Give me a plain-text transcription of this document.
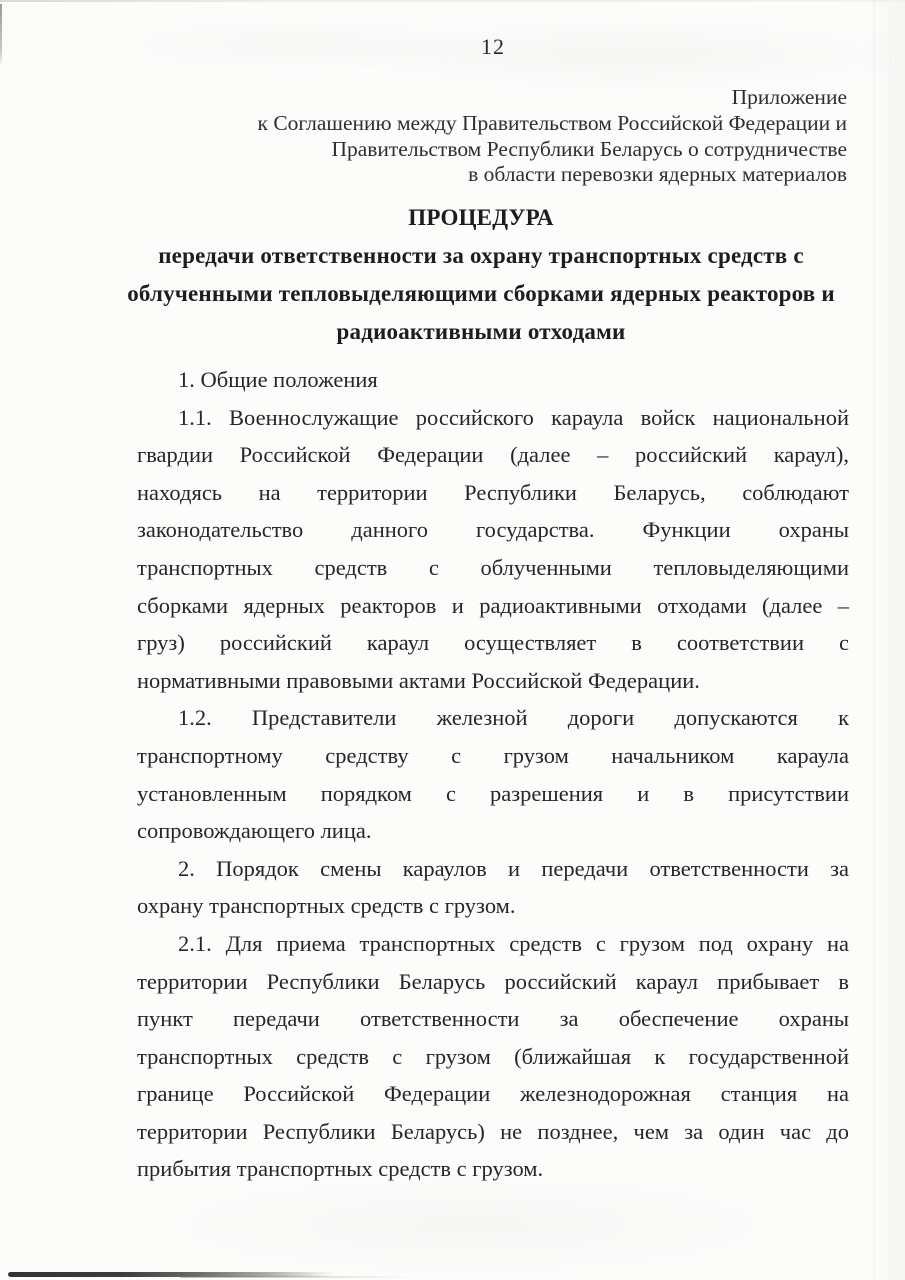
12
Приложение
к Соглашению между Правительством Российской Федерации и
Правительством Республики Беларусь о сотрудничестве
в области перевозки ядерных материалов
ПРОЦЕДУРА
передачи ответственности за охрану транспортных средств с
облученными тепловыделяющими сборками ядерных реакторов и
радиоактивными отходами
1. Общие положения
1.1. Военнослужащие российского караула войск национальной
гвардии Российской Федерации (далее – российский караул),
находясь на территории Республики Беларусь, соблюдают
законодательство данного государства. Функции охраны
транспортных средств с облученными тепловыделяющими
сборками ядерных реакторов и радиоактивными отходами (далее –
груз) российский караул осуществляет в соответствии с
нормативными правовыми актами Российской Федерации.
1.2. Представители железной дороги допускаются к
транспортному средству с грузом начальником караула
установленным порядком с разрешения и в присутствии
сопровождающего лица.
2. Порядок смены караулов и передачи ответственности за
охрану транспортных средств с грузом.
2.1. Для приема транспортных средств с грузом под охрану на
территории Республики Беларусь российский караул прибывает в
пункт передачи ответственности за обеспечение охраны
транспортных средств с грузом (ближайшая к государственной
границе Российской Федерации железнодорожная станция на
территории Республики Беларусь) не позднее, чем за один час до
прибытия транспортных средств с грузом.
